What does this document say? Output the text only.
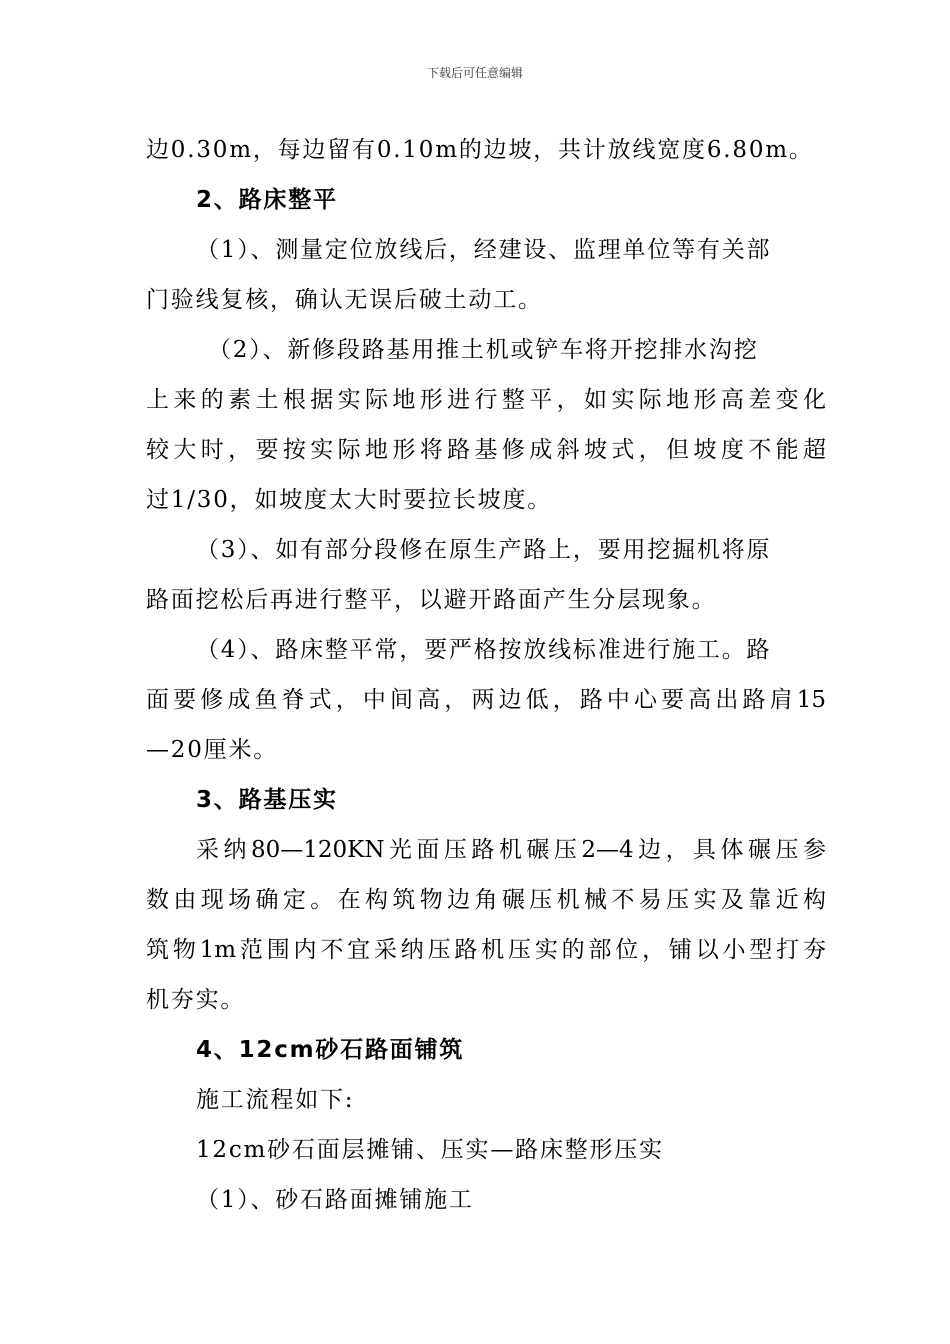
下载后可任意编辑
边0.30m，每边留有0.10m的边坡，共计放线宽度6.80m。
2、路床整平
（1）、测量定位放线后，经建设、监理单位等有关部
门验线复核，确认无误后破土动工。
（2）、新修段路基用推土机或铲车将开挖排水沟挖
上来的素土根据实际地形进行整平，如实际地形高差变化
较大时，要按实际地形将路基修成斜坡式，但坡度不能超
过1/30，如坡度太大时要拉长坡度。
（3）、如有部分段修在原生产路上，要用挖掘机将原
路面挖松后再进行整平，以避开路面产生分层现象。
（4）、路床整平常，要严格按放线标准进行施工。路
面要修成鱼脊式，中间高，两边低，路中心要高出路肩15
—20厘米。
3、路基压实
采纳80—120KN光面压路机碾压2—4边，具体碾压参
数由现场确定。在构筑物边角碾压机械不易压实及靠近构
筑物1m范围内不宜采纳压路机压实的部位，铺以小型打夯
机夯实。
4、12cm砂石路面铺筑
施工流程如下:
12cm砂石面层摊铺、压实—路床整形压实
（1）、砂石路面摊铺施工
